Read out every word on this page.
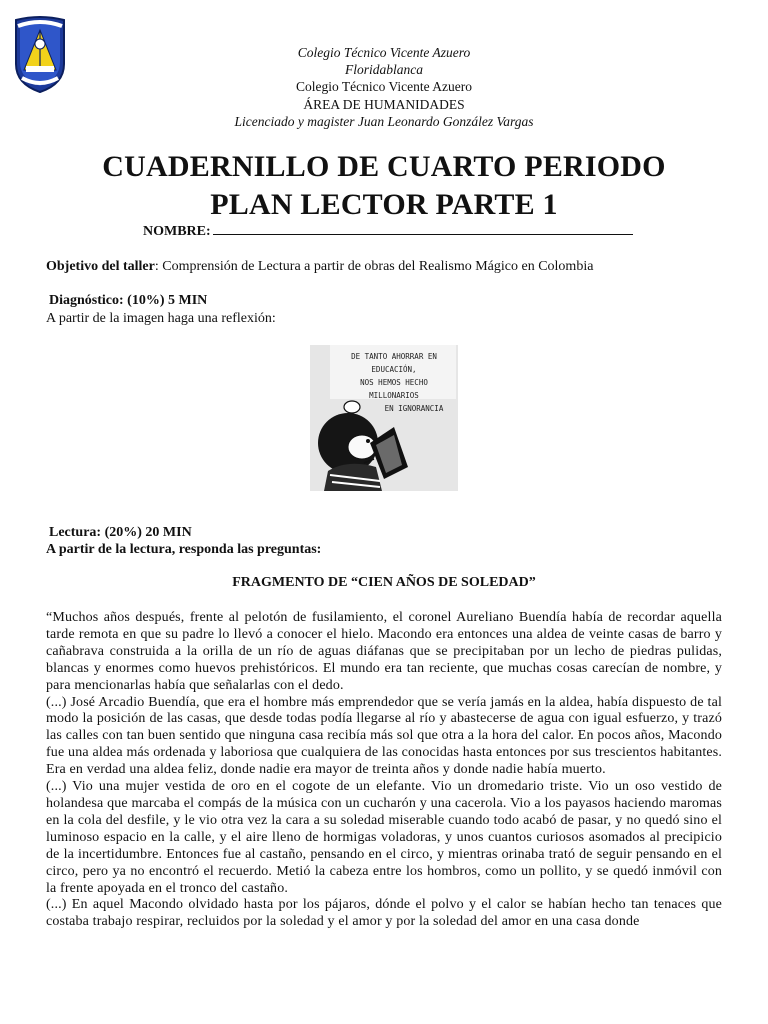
Colegio Técnico Vicente Azuero
Floridablanca
Colegio Técnico Vicente Azuero
ÁREA DE HUMANIDADES
Licenciado y magister Juan Leonardo González Vargas
CUADERNILLO DE CUARTO PERIODO
PLAN LECTOR PARTE 1
NOMBRE:
Objetivo del taller: Comprensión de Lectura a partir de obras del Realismo Mágico en Colombia
Diagnóstico: (10%) 5 MIN
A partir de la imagen haga una reflexión:
DE TANTO AHORRAR EN EDUCACIÓN,
NOS HEMOS HECHO MILLONARIOS
EN IGNORANCIA
Lectura: (20%) 20 MIN
A partir de la lectura, responda las preguntas:
FRAGMENTO DE “CIEN AÑOS DE SOLEDAD”

“Muchos años después, frente al pelotón de fusilamiento, el coronel Aureliano Buendía había de recordar aquella tarde remota en que su padre lo llevó a conocer el hielo. Macondo era entonces una aldea de veinte casas de barro y cañabrava construida a la orilla de un río de aguas diáfanas que se precipitaban por un lecho de piedras pulidas, blancas y enormes como huevos prehistóricos. El mundo era tan reciente, que muchas cosas carecían de nombre, y para mencionarlas había que señalarlas con el dedo.

(...) José Arcadio Buendía, que era el hombre más emprendedor que se vería jamás en la aldea, había dispuesto de tal modo la posición de las casas, que desde todas podía llegarse al río y abastecerse de agua con igual esfuerzo, y trazó las calles con tan buen sentido que ninguna casa recibía más sol que otra a la hora del calor. En pocos años, Macondo fue una aldea más ordenada y laboriosa que cualquiera de las conocidas hasta entonces por sus trescientos habitantes. Era en verdad una aldea feliz, donde nadie era mayor de treinta años y donde nadie había muerto.

(...) Vio una mujer vestida de oro en el cogote de un elefante. Vio un dromedario triste. Vio un oso vestido de holandesa que marcaba el compás de la música con un cucharón y una cacerola. Vio a los payasos haciendo maromas en la cola del desfile, y le vio otra vez la cara a su soledad miserable cuando todo acabó de pasar, y no quedó sino el luminoso espacio en la calle, y el aire lleno de hormigas voladoras, y unos cuantos curiosos asomados al precipicio de la incertidumbre. Entonces fue al castaño, pensando en el circo, y mientras orinaba trató de seguir pensando en el circo, pero ya no encontró el recuerdo. Metió la cabeza entre los hombros, como un pollito, y se quedó inmóvil con la frente apoyada en el tronco del castaño.

(...) En aquel Macondo olvidado hasta por los pájaros, dónde el polvo y el calor se habían hecho tan tenaces que costaba trabajo respirar, recluidos por la soledad y el amor y por la soledad del amor en una casa donde
